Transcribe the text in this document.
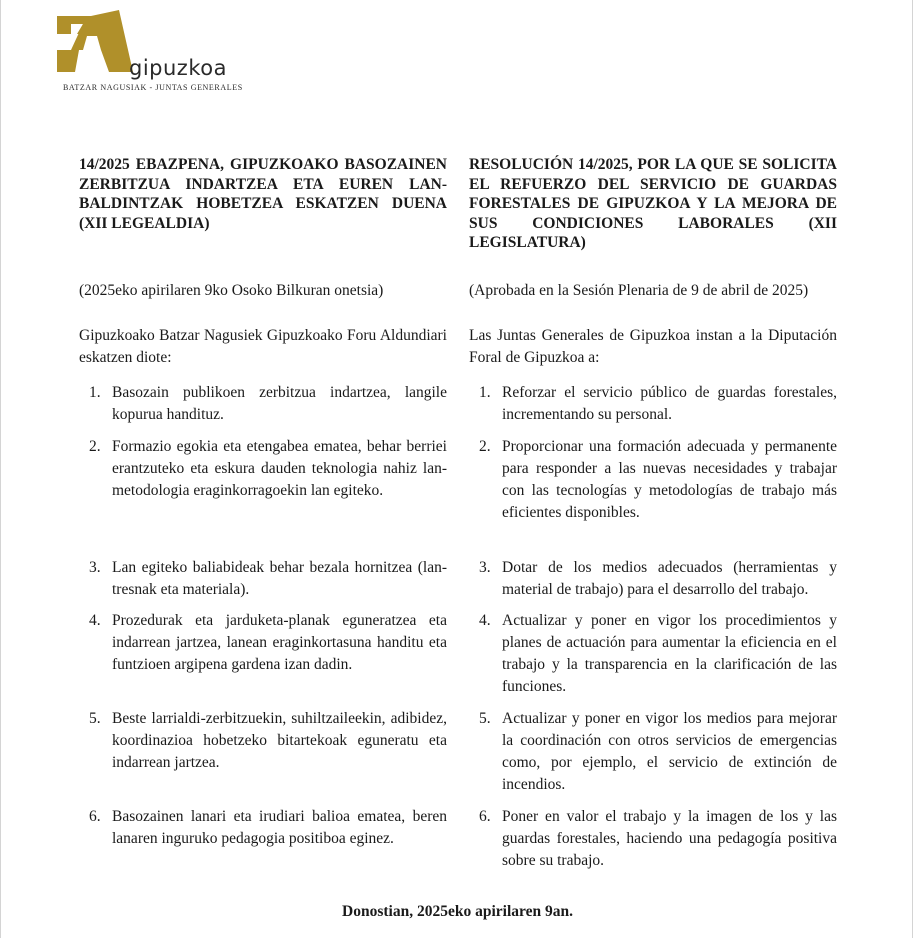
gipuzkoa
BATZAR NAGUSIAK - JUNTAS GENERALES

14/2025 EBAZPENA, GIPUZKOAKO BASOZAINEN ZERBITZUA INDARTZEA ETA EUREN LAN-BALDINTZAK HOBETZEA ESKATZEN DUENA (XII LEGEALDIA)

(2025eko apirilaren 9ko Osoko Bilkuran onetsia)

Gipuzkoako Batzar Nagusiek Gipuzkoako Foru Aldundiari eskatzen diote:

1. Basozain publikoen zerbitzua indartzea, langile kopurua handituz.
2. Formazio egokia eta etengabea ematea, behar berriei erantzuteko eta eskura dauden teknologia nahiz lan-metodologia eraginkorragoekin lan egiteko.
3. Lan egiteko baliabideak behar bezala hornitzea (lan-tresnak eta materiala).
4. Prozedurak eta jarduketa-planak eguneratzea eta indarrean jartzea, lanean eraginkortasuna handitu eta funtzioen argipena gardena izan dadin.
5. Beste larrialdi-zerbitzuekin, suhiltzaileekin, adibidez, koordinazioa hobetzeko bitartekoak eguneratu eta indarrean jartzea.
6. Basozainen lanari eta irudiari balioa ematea, beren lanaren inguruko pedagogia positiboa eginez.

RESOLUCIÓN 14/2025, POR LA QUE SE SOLICITA EL REFUERZO DEL SERVICIO DE GUARDAS FORESTALES DE GIPUZKOA Y LA MEJORA DE SUS CONDICIONES LABORALES (XII LEGISLATURA)

(Aprobada en la Sesión Plenaria de 9 de abril de 2025)

Las Juntas Generales de Gipuzkoa instan a la Diputación Foral de Gipuzkoa a:

1. Reforzar el servicio público de guardas forestales, incrementando su personal.
2. Proporcionar una formación adecuada y permanente para responder a las nuevas necesidades y trabajar con las tecnologías y metodologías de trabajo más eficientes disponibles.
3. Dotar de los medios adecuados (herramientas y material de trabajo) para el desarrollo del trabajo.
4. Actualizar y poner en vigor los procedimientos y planes de actuación para aumentar la eficiencia en el trabajo y la transparencia en la clarificación de las funciones.
5. Actualizar y poner en vigor los medios para mejorar la coordinación con otros servicios de emergencias como, por ejemplo, el servicio de extinción de incendios.
6. Poner en valor el trabajo y la imagen de los y las guardas forestales, haciendo una pedagogía positiva sobre su trabajo.
Donostian, 2025eko apirilaren 9an.
